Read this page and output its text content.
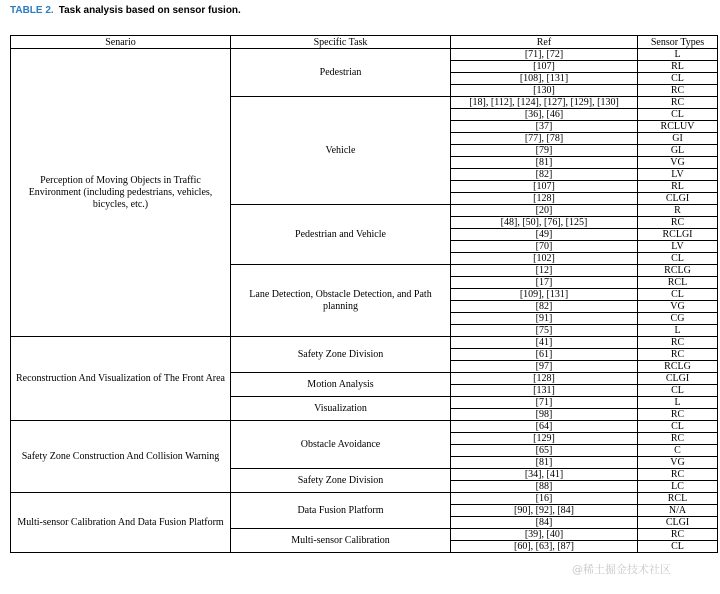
TABLE 2. Task analysis based on sensor fusion.
Senario	Specific Task	Ref	Sensor Types
Perception of Moving Objects in Traffic Environment (including pedestrians, vehicles, bicycles, etc.)	Pedestrian	[71], [72]	L
		[107]	RL
		[108], [131]	CL
		[130]	RC
	Vehicle	[18], [112], [124], [127], [129], [130]	RC
		[36], [46]	CL
		[37]	RCLUV
		[77], [78]	GI
		[79]	GL
		[81]	VG
		[82]	LV
		[107]	RL
		[128]	CLGI
	Pedestrian and Vehicle	[20]	R
		[48], [50], [76], [125]	RC
		[49]	RCLGI
		[70]	LV
		[102]	CL
	Lane Detection, Obstacle Detection, and Path planning	[12]	RCLG
		[17]	RCL
		[109], [131]	CL
		[82]	VG
		[91]	CG
		[75]	L
Reconstruction And Visualization of The Front Area	Safety Zone Division	[41]	RC
		[61]	RC
		[97]	RCLG
	Motion Analysis	[128]	CLGI
		[131]	CL
	Visualization	[71]	L
		[98]	RC
Safety Zone Construction And Collision Warning	Obstacle Avoidance	[64]	CL
		[129]	RC
		[65]	C
		[81]	VG
	Safety Zone Division	[34], [41]	RC
		[88]	LC
Multi-sensor Calibration And Data Fusion Platform	Data Fusion Platform	[16]	RCL
		[90], [92], [84]	N/A
		[84]	CLGI
	Multi-sensor Calibration	[39], [40]	RC
		[60], [63], [87]	CL
@稀土掘金技术社区
